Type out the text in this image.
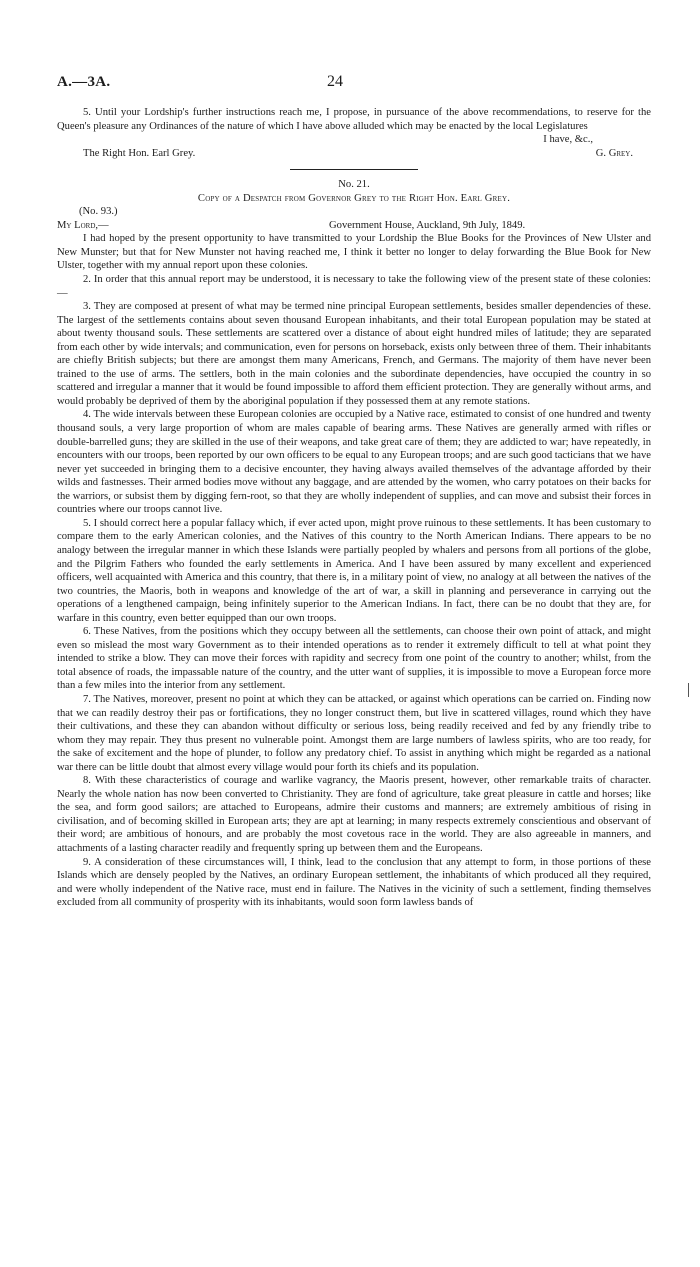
A.—3A.	24

5. Until your Lordship's further instructions reach me, I propose, in pursuance of the above recommendations, to reserve for the Queen's pleasure any Ordinances of the nature of which I have above alluded which may be enacted by the local Legislatures

I have, &c.,
The Right Hon. Earl Grey.	G. Grey.
No. 21.
Copy of a Despatch from Governor Grey to the Right Hon. Earl Grey.
(No. 93.)
My Lord,—	Government House, Auckland, 9th July, 1849.

I had hoped by the present opportunity to have transmitted to your Lordship the Blue Books for the Provinces of New Ulster and New Munster; but that for New Munster not having reached me, I think it better no longer to delay forwarding the Blue Book for New Ulster, together with my annual report upon these colonies.

2. In order that this annual report may be understood, it is necessary to take the following view of the present state of these colonies:—

3. They are composed at present of what may be termed nine principal European settlements, besides smaller dependencies of these. The largest of the settlements contains about seven thousand European inhabitants, and their total European population may be stated at about twenty thousand souls. These settlements are scattered over a distance of about eight hundred miles of latitude; they are separated from each other by wide intervals; and communication, even for persons on horseback, exists only between three of them. Their inhabitants are chiefly British subjects; but there are amongst them many Americans, French, and Germans. The majority of them have never been trained to the use of arms. The settlers, both in the main colonies and the subordinate dependencies, have occupied the country in so scattered and irregular a manner that it would be found impossible to afford them efficient protection. They are generally without arms, and would probably be deprived of them by the aboriginal population if they possessed them at any remote stations.

4. The wide intervals between these European colonies are occupied by a Native race, estimated to consist of one hundred and twenty thousand souls, a very large proportion of whom are males capable of bearing arms. These Natives are generally armed with rifles or double-barrelled guns; they are skilled in the use of their weapons, and take great care of them; they are addicted to war; have repeatedly, in encounters with our troops, been reported by our own officers to be equal to any European troops; and are such good tacticians that we have never yet succeeded in bringing them to a decisive encounter, they having always availed themselves of the advantage afforded by their wilds and fastnesses. Their armed bodies move without any baggage, and are attended by the women, who carry potatoes on their backs for the warriors, or subsist them by digging fern-root, so that they are wholly independent of supplies, and can move and subsist their forces in countries where our troops cannot live.

5. I should correct here a popular fallacy which, if ever acted upon, might prove ruinous to these settlements. It has been customary to compare them to the early American colonies, and the Natives of this country to the North American Indians. There appears to be no analogy between the irregular manner in which these Islands were partially peopled by whalers and persons from all portions of the globe, and the Pilgrim Fathers who founded the early settlements in America. And I have been assured by many excellent and experienced officers, well acquainted with America and this country, that there is, in a military point of view, no analogy at all between the natives of the two countries, the Maoris, both in weapons and knowledge of the art of war, a skill in planning and perseverance in carrying out the operations of a lengthened campaign, being infinitely superior to the American Indians. In fact, there can be no doubt that they are, for warfare in this country, even better equipped than our own troops.

6. These Natives, from the positions which they occupy between all the settlements, can choose their own point of attack, and might even so mislead the most wary Government as to their intended operations as to render it extremely difficult to tell at what point they intended to strike a blow. They can move their forces with rapidity and secrecy from one point of the country to another; whilst, from the total absence of roads, the impassable nature of the country, and the utter want of supplies, it is impossible to move a European force more than a few miles into the interior from any settlement.

7. The Natives, moreover, present no point at which they can be attacked, or against which operations can be carried on. Finding now that we can readily destroy their pas or fortifications, they no longer construct them, but live in scattered villages, round which they have their cultivations, and these they can abandon without difficulty or serious loss, being readily received and fed by any friendly tribe to whom they may repair. They thus present no vulnerable point. Amongst them are large numbers of lawless spirits, who are too ready, for the sake of excitement and the hope of plunder, to follow any predatory chief. To assist in anything which might be regarded as a national war there can be little doubt that almost every village would pour forth its chiefs and its population.

8. With these characteristics of courage and warlike vagrancy, the Maoris present, however, other remarkable traits of character. Nearly the whole nation has now been converted to Christianity. They are fond of agriculture, take great pleasure in cattle and horses; like the sea, and form good sailors; are attached to Europeans, admire their customs and manners; are extremely ambitious of rising in civilisation, and of becoming skilled in European arts; they are apt at learning; in many respects extremely conscientious and observant of their word; are ambitious of honours, and are probably the most covetous race in the world. They are also agreeable in manners, and attachments of a lasting character readily and frequently spring up between them and the Europeans.

9. A consideration of these circumstances will, I think, lead to the conclusion that any attempt to form, in those portions of these Islands which are densely peopled by the Natives, an ordinary European settlement, the inhabitants of which produced all they required, and were wholly independent of the Native race, must end in failure. The Natives in the vicinity of such a settlement, finding themselves excluded from all community of prosperity with its inhabitants, would soon form lawless bands of
